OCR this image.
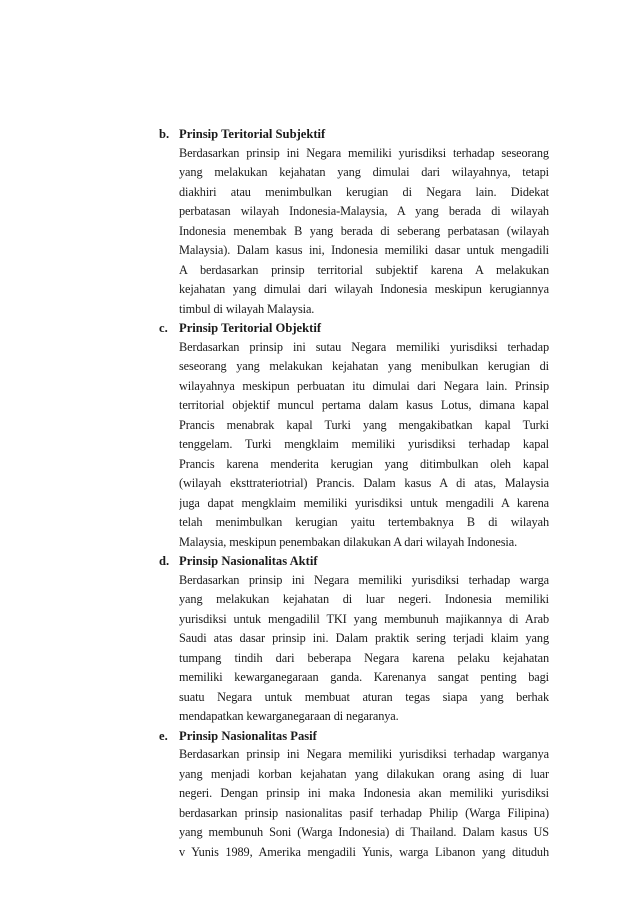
b. Prinsip Teritorial Subjektif
Berdasarkan prinsip ini Negara memiliki yurisdiksi terhadap seseorang
yang melakukan kejahatan yang dimulai dari wilayahnya, tetapi
diakhiri atau menimbulkan kerugian di Negara lain. Didekat
perbatasan wilayah Indonesia-Malaysia, A yang berada di wilayah
Indonesia menembak B yang berada di seberang perbatasan (wilayah
Malaysia). Dalam kasus ini, Indonesia memiliki dasar untuk mengadili
A berdasarkan prinsip territorial subjektif karena A melakukan
kejahatan yang dimulai dari wilayah Indonesia meskipun kerugiannya
timbul di wilayah Malaysia.
c. Prinsip Teritorial Objektif
Berdasarkan prinsip ini sutau Negara memiliki yurisdiksi terhadap
seseorang yang melakukan kejahatan yang menibulkan kerugian di
wilayahnya meskipun perbuatan itu dimulai dari Negara lain. Prinsip
territorial objektif muncul pertama dalam kasus Lotus, dimana kapal
Prancis menabrak kapal Turki yang mengakibatkan kapal Turki
tenggelam. Turki mengklaim memiliki yurisdiksi terhadap kapal
Prancis karena menderita kerugian yang ditimbulkan oleh kapal
(wilayah eksttrateriotrial) Prancis. Dalam kasus A di atas, Malaysia
juga dapat mengklaim memiliki yurisdiksi untuk mengadili A karena
telah menimbulkan kerugian yaitu tertembaknya B di wilayah
Malaysia, meskipun penembakan dilakukan A dari wilayah Indonesia.
d. Prinsip Nasionalitas Aktif
Berdasarkan prinsip ini Negara memiliki yurisdiksi terhadap warga
yang melakukan kejahatan di luar negeri. Indonesia memiliki
yurisdiksi untuk mengadilil TKI yang membunuh majikannya di Arab
Saudi atas dasar prinsip ini. Dalam praktik sering terjadi klaim yang
tumpang tindih dari beberapa Negara karena pelaku kejahatan
memiliki kewarganegaraan ganda. Karenanya sangat penting bagi
suatu Negara untuk membuat aturan tegas siapa yang berhak
mendapatkan kewarganegaraan di negaranya.
e. Prinsip Nasionalitas Pasif
Berdasarkan prinsip ini Negara memiliki yurisdiksi terhadap warganya
yang menjadi korban kejahatan yang dilakukan orang asing di luar
negeri. Dengan prinsip ini maka Indonesia akan memiliki yurisdiksi
berdasarkan prinsip nasionalitas pasif terhadap Philip (Warga Filipina)
yang membunuh Soni (Warga Indonesia) di Thailand. Dalam kasus US
v Yunis 1989, Amerika mengadili Yunis, warga Libanon yang dituduh
